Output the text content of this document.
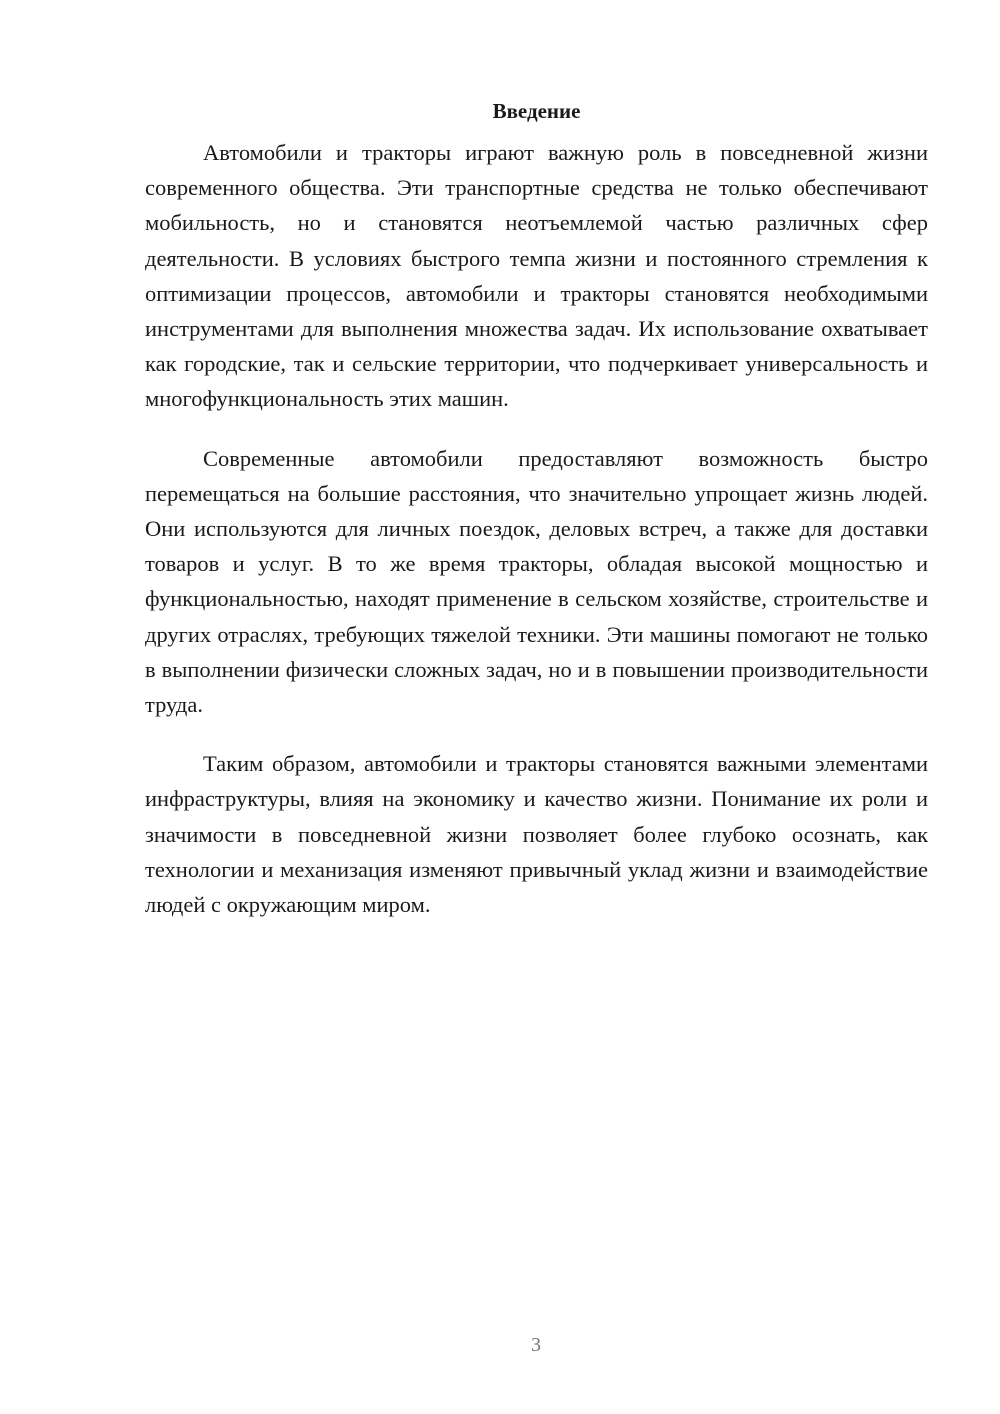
Введение

Автомобили и тракторы играют важную роль в повседневной жизни современного общества. Эти транспортные средства не только обеспечивают мобильность, но и становятся неотъемлемой частью различных сфер деятельности. В условиях быстрого темпа жизни и постоянного стремления к оптимизации процессов, автомобили и тракторы становятся необходимыми инструментами для выполнения множества задач. Их использование охватывает как городские, так и сельские территории, что подчеркивает универсальность и многофункциональность этих машин.

Современные автомобили предоставляют возможность быстро перемещаться на большие расстояния, что значительно упрощает жизнь людей. Они используются для личных поездок, деловых встреч, а также для доставки товаров и услуг. В то же время тракторы, обладая высокой мощностью и функциональностью, находят применение в сельском хозяйстве, строительстве и других отраслях, требующих тяжелой техники. Эти машины помогают не только в выполнении физически сложных задач, но и в повышении производительности труда.

Таким образом, автомобили и тракторы становятся важными элементами инфраструктуры, влияя на экономику и качество жизни. Понимание их роли и значимости в повседневной жизни позволяет более глубоко осознать, как технологии и механизация изменяют привычный уклад жизни и взаимодействие людей с окружающим миром.

3
